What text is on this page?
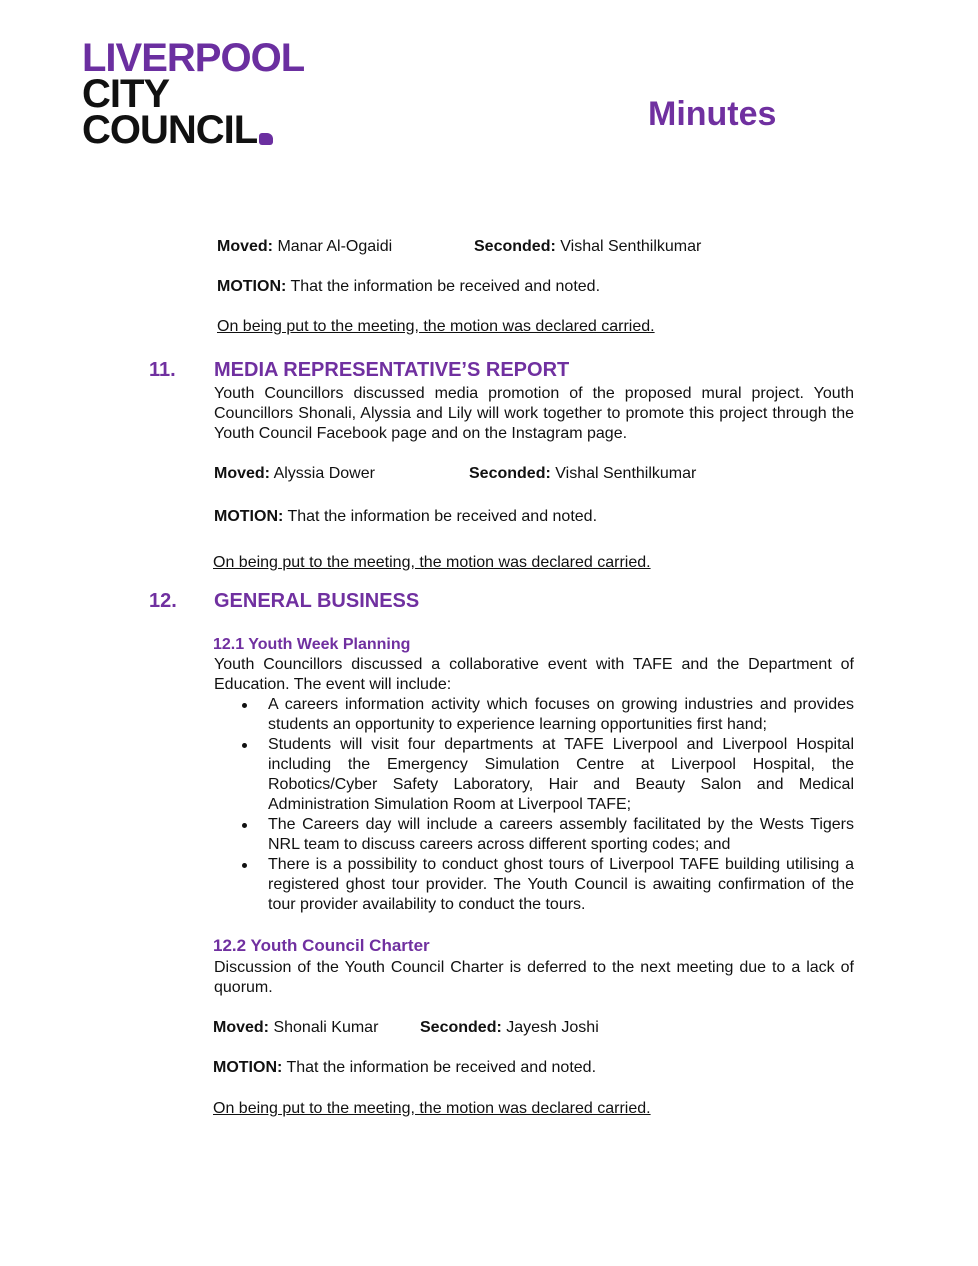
LIVERPOOL
CITY
COUNCIL	Minutes
Moved: Manar Al-Ogaidi	Seconded: Vishal Senthilkumar
MOTION: That the information be received and noted.
On being put to the meeting, the motion was declared carried.
11. MEDIA REPRESENTATIVE’S REPORT
Youth Councillors discussed media promotion of the proposed mural project. Youth Councillors Shonali, Alyssia and Lily will work together to promote this project through the Youth Council Facebook page and on the Instagram page.
Moved: Alyssia Dower	Seconded: Vishal Senthilkumar
MOTION: That the information be received and noted.
On being put to the meeting, the motion was declared carried.
12. GENERAL BUSINESS
12.1 Youth Week Planning
Youth Councillors discussed a collaborative event with TAFE and the Department of Education. The event will include:
A careers information activity which focuses on growing industries and provides students an opportunity to experience learning opportunities first hand;
Students will visit four departments at TAFE Liverpool and Liverpool Hospital including the Emergency Simulation Centre at Liverpool Hospital, the Robotics/Cyber Safety Laboratory, Hair and Beauty Salon and Medical Administration Simulation Room at Liverpool TAFE;
The Careers day will include a careers assembly facilitated by the Wests Tigers NRL team to discuss careers across different sporting codes; and
There is a possibility to conduct ghost tours of Liverpool TAFE building utilising a registered ghost tour provider. The Youth Council is awaiting confirmation of the tour provider availability to conduct the tours.
12.2 Youth Council Charter
Discussion of the Youth Council Charter is deferred to the next meeting due to a lack of quorum.
Moved: Shonali Kumar	Seconded: Jayesh Joshi
MOTION: That the information be received and noted.
On being put to the meeting, the motion was declared carried.
